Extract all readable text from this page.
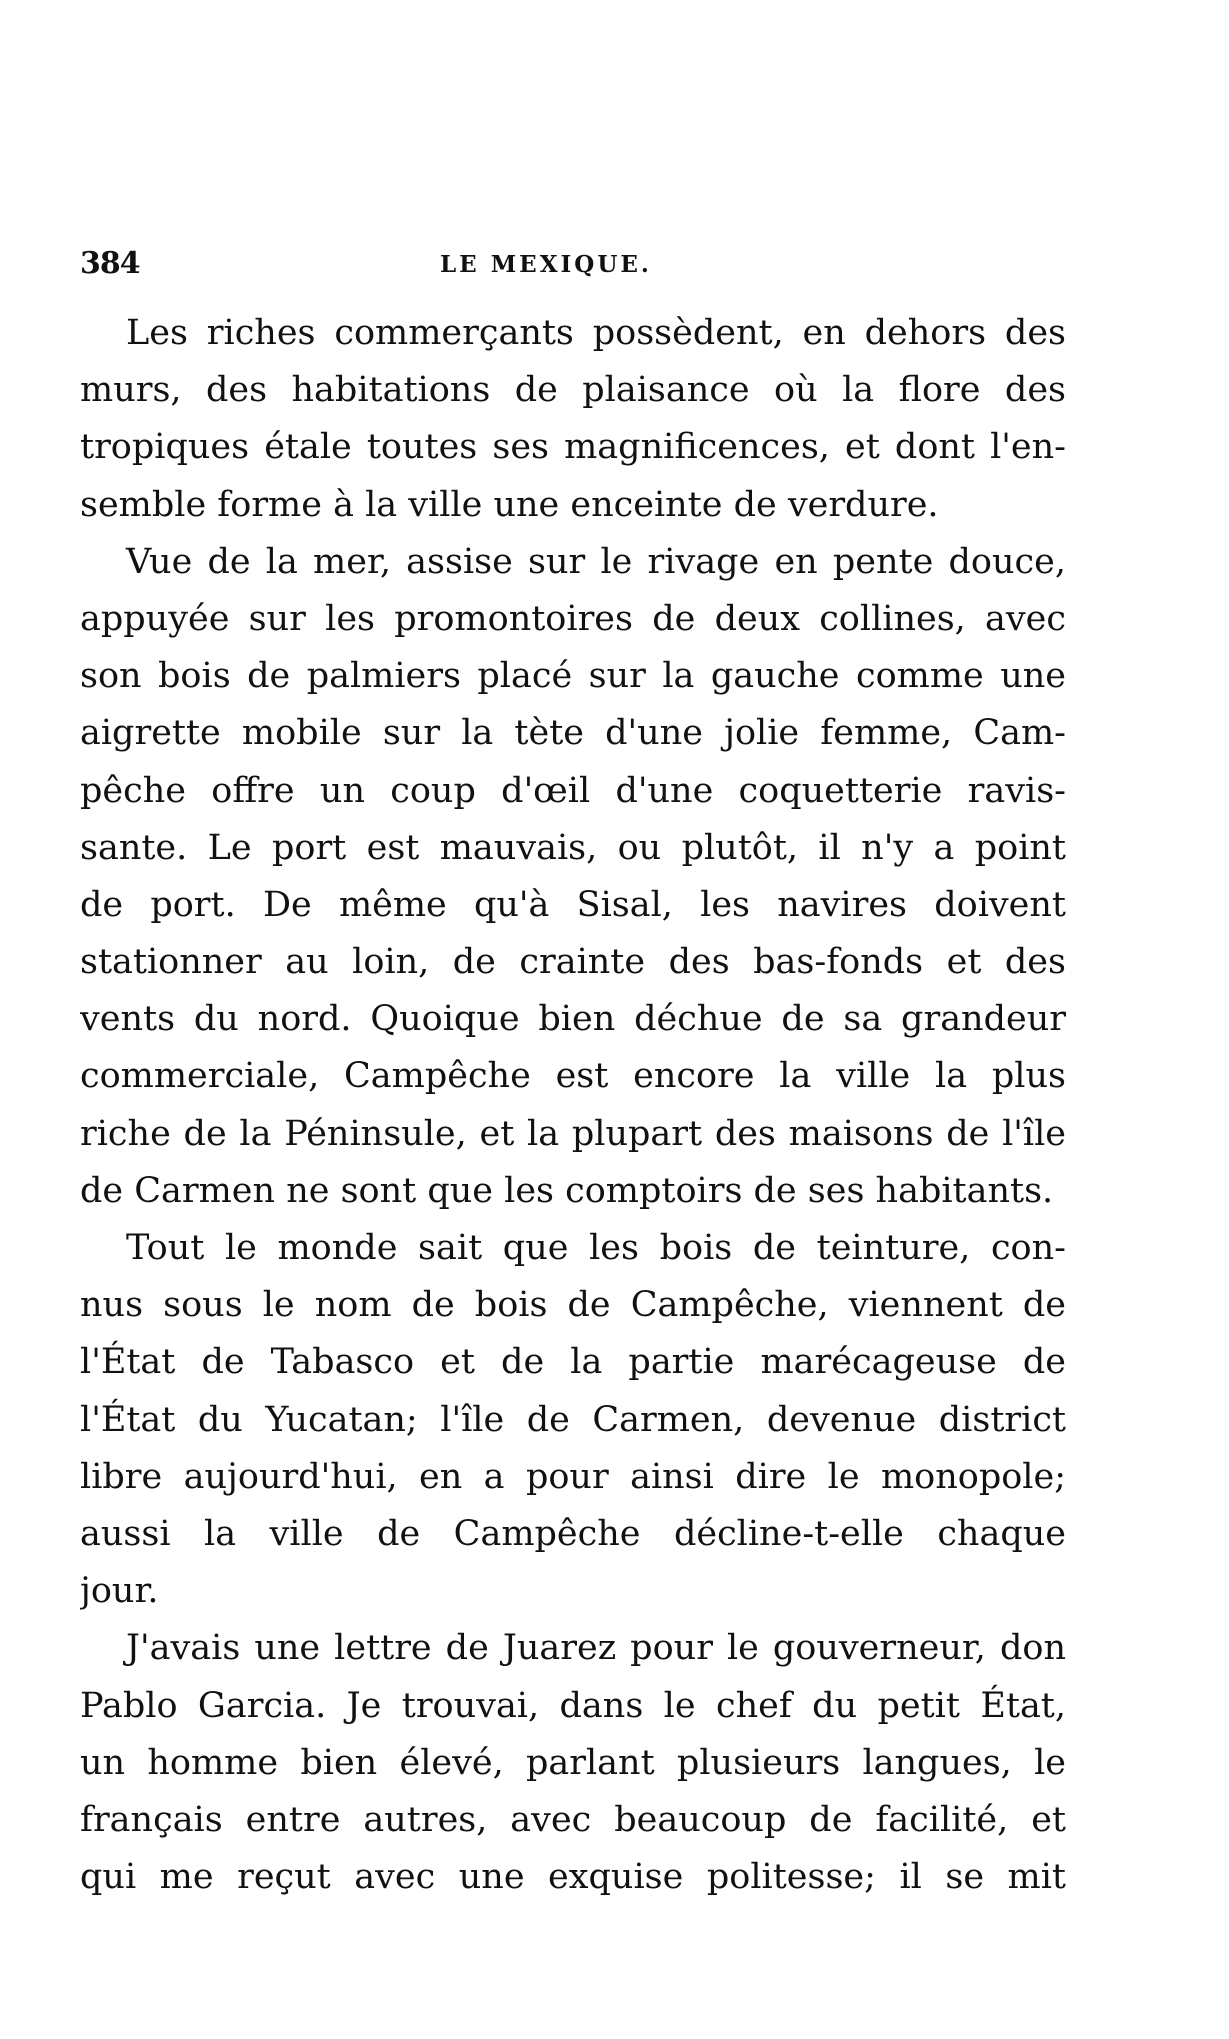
384	LE MEXIQUE.
Les riches commerçants possèdent, en dehors des
murs, des habitations de plaisance où la flore des
tropiques étale toutes ses magnificences, et dont l'en-
semble forme à la ville une enceinte de verdure.
Vue de la mer, assise sur le rivage en pente douce,
appuyée sur les promontoires de deux collines, avec
son bois de palmiers placé sur la gauche comme une
aigrette mobile sur la tète d'une jolie femme, Cam-
pêche offre un coup d'œil d'une coquetterie ravis-
sante. Le port est mauvais, ou plutôt, il n'y a point
de port. De même qu'à Sisal, les navires doivent
stationner au loin, de crainte des bas-fonds et des
vents du nord. Quoique bien déchue de sa grandeur
commerciale, Campêche est encore la ville la plus
riche de la Péninsule, et la plupart des maisons de l'île
de Carmen ne sont que les comptoirs de ses habitants.
Tout le monde sait que les bois de teinture, con-
nus sous le nom de bois de Campêche, viennent de
l'État de Tabasco et de la partie marécageuse de
l'État du Yucatan; l'île de Carmen, devenue district
libre aujourd'hui, en a pour ainsi dire le monopole;
aussi la ville de Campêche décline-t-elle chaque
jour.
J'avais une lettre de Juarez pour le gouverneur, don
Pablo Garcia. Je trouvai, dans le chef du petit État,
un homme bien élevé, parlant plusieurs langues, le
français entre autres, avec beaucoup de facilité, et
qui me reçut avec une exquise politesse; il se mit
